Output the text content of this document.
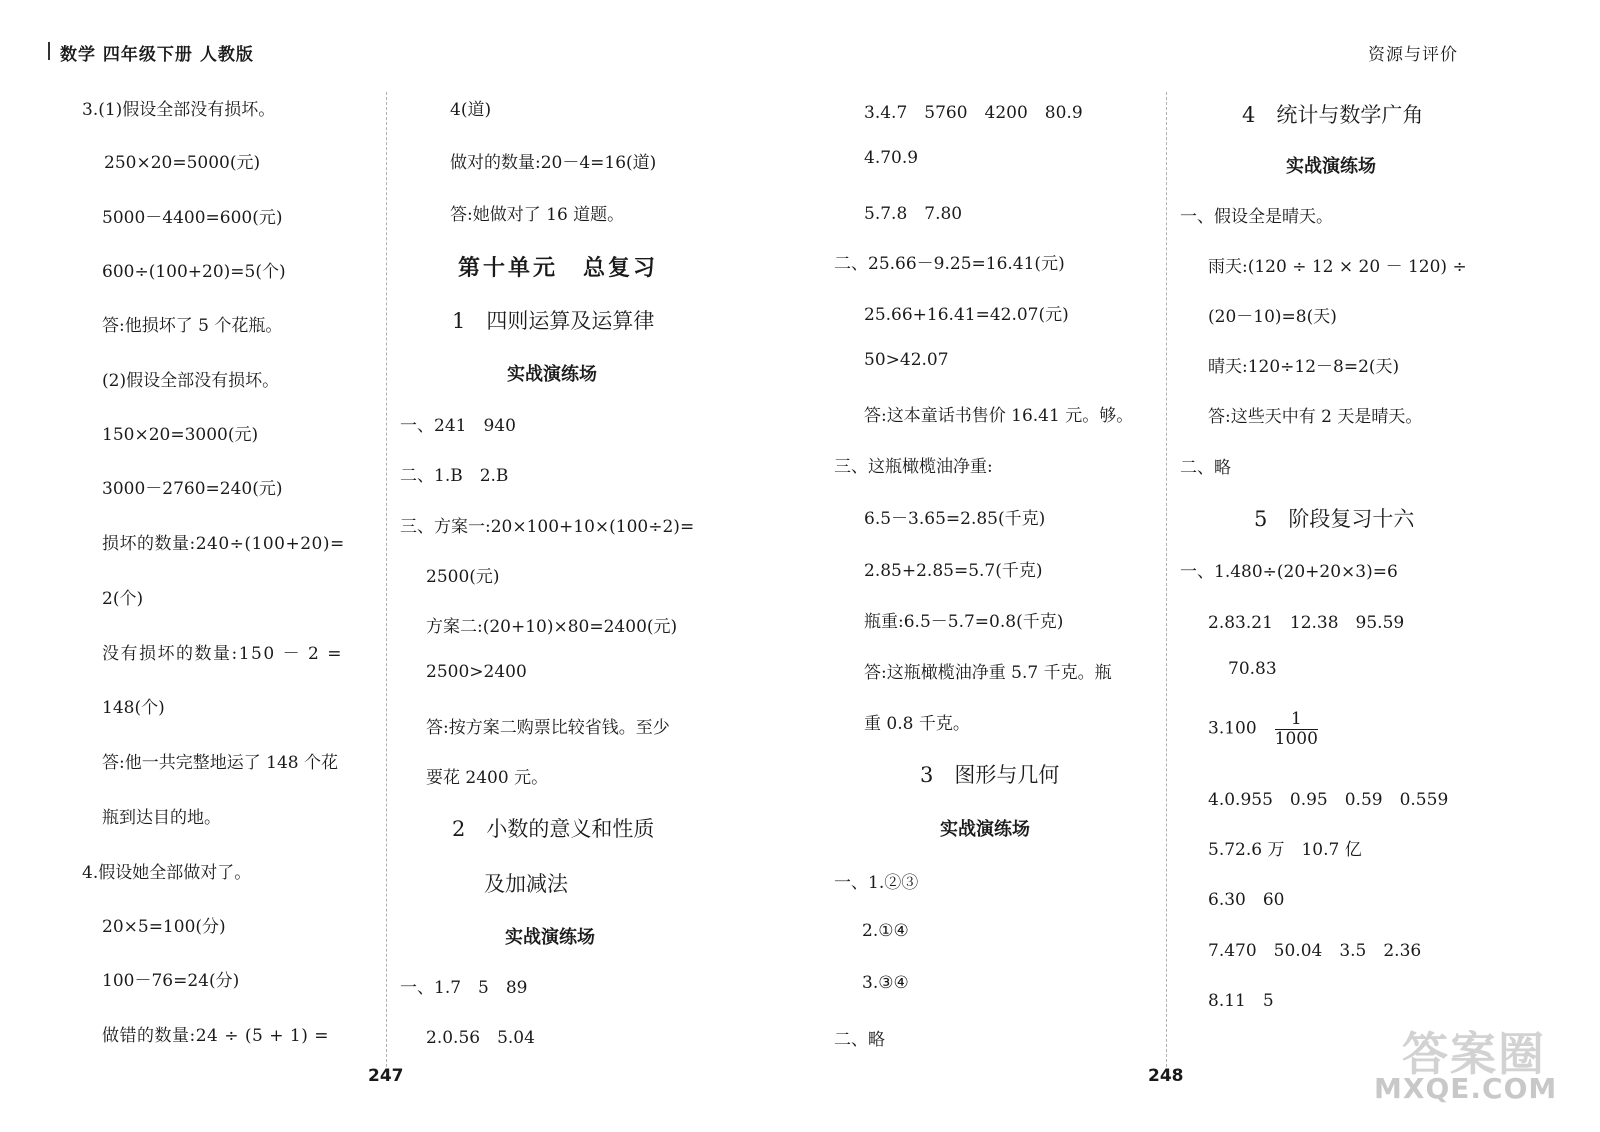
数学 四年级下册 人教版	资源与评价
3.(1)假设全部没有损坏。
250×20=5000(元)
5000－4400=600(元)
600÷(100+20)=5(个)
答:他损坏了 5 个花瓶。
(2)假设全部没有损坏。
150×20=3000(元)
3000－2760=240(元)
损坏的数量:240÷(100+20)=
2(个)
没有损坏的数量:150 － 2 =
148(个)
答:他一共完整地运了 148 个花
瓶到达目的地。
4.假设她全部做对了。
20×5=100(分)
100－76=24(分)
做错的数量:24 ÷ (5 + 1) =
4(道)
做对的数量:20－4=16(道)
答:她做对了 16 道题。
第十单元　总复习
1　四则运算及运算律
实战演练场
一、241　940
二、1.B　2.B
三、方案一:20×100+10×(100÷2)=
2500(元)
方案二:(20+10)×80=2400(元)
2500>2400
答:按方案二购票比较省钱。至少
要花 2400 元。
2　小数的意义和性质
及加减法
实战演练场
一、1.7　5　89
2.0.56　5.04
3.4.7　5760　4200　80.9
4.70.9
5.7.8　7.80
二、25.66－9.25=16.41(元)
25.66+16.41=42.07(元)
50>42.07
答:这本童话书售价 16.41 元。够。
三、这瓶橄榄油净重:
6.5－3.65=2.85(千克)
2.85+2.85=5.7(千克)
瓶重:6.5－5.7=0.8(千克)
答:这瓶橄榄油净重 5.7 千克。瓶
重 0.8 千克。
3　图形与几何
实战演练场
一、1.②③
2.①④
3.③④
二、略
4　统计与数学广角
实战演练场
一、假设全是晴天。
雨天:(120 ÷ 12 × 20 － 120) ÷
(20－10)=8(天)
晴天:120÷12－8=2(天)
答:这些天中有 2 天是晴天。
二、略
5　阶段复习十六
一、1.480÷(20+20×3)=6
2.83.21　12.38　95.59
70.83
$3.100 \frac{1}{1000}$
4.0.955　0.95　0.59　0.559
5.72.6 万　10.7 亿
6.30　60
7.470　50.04　3.5　2.36
8.11　5
247	248	答案圈
MXQE.COM
